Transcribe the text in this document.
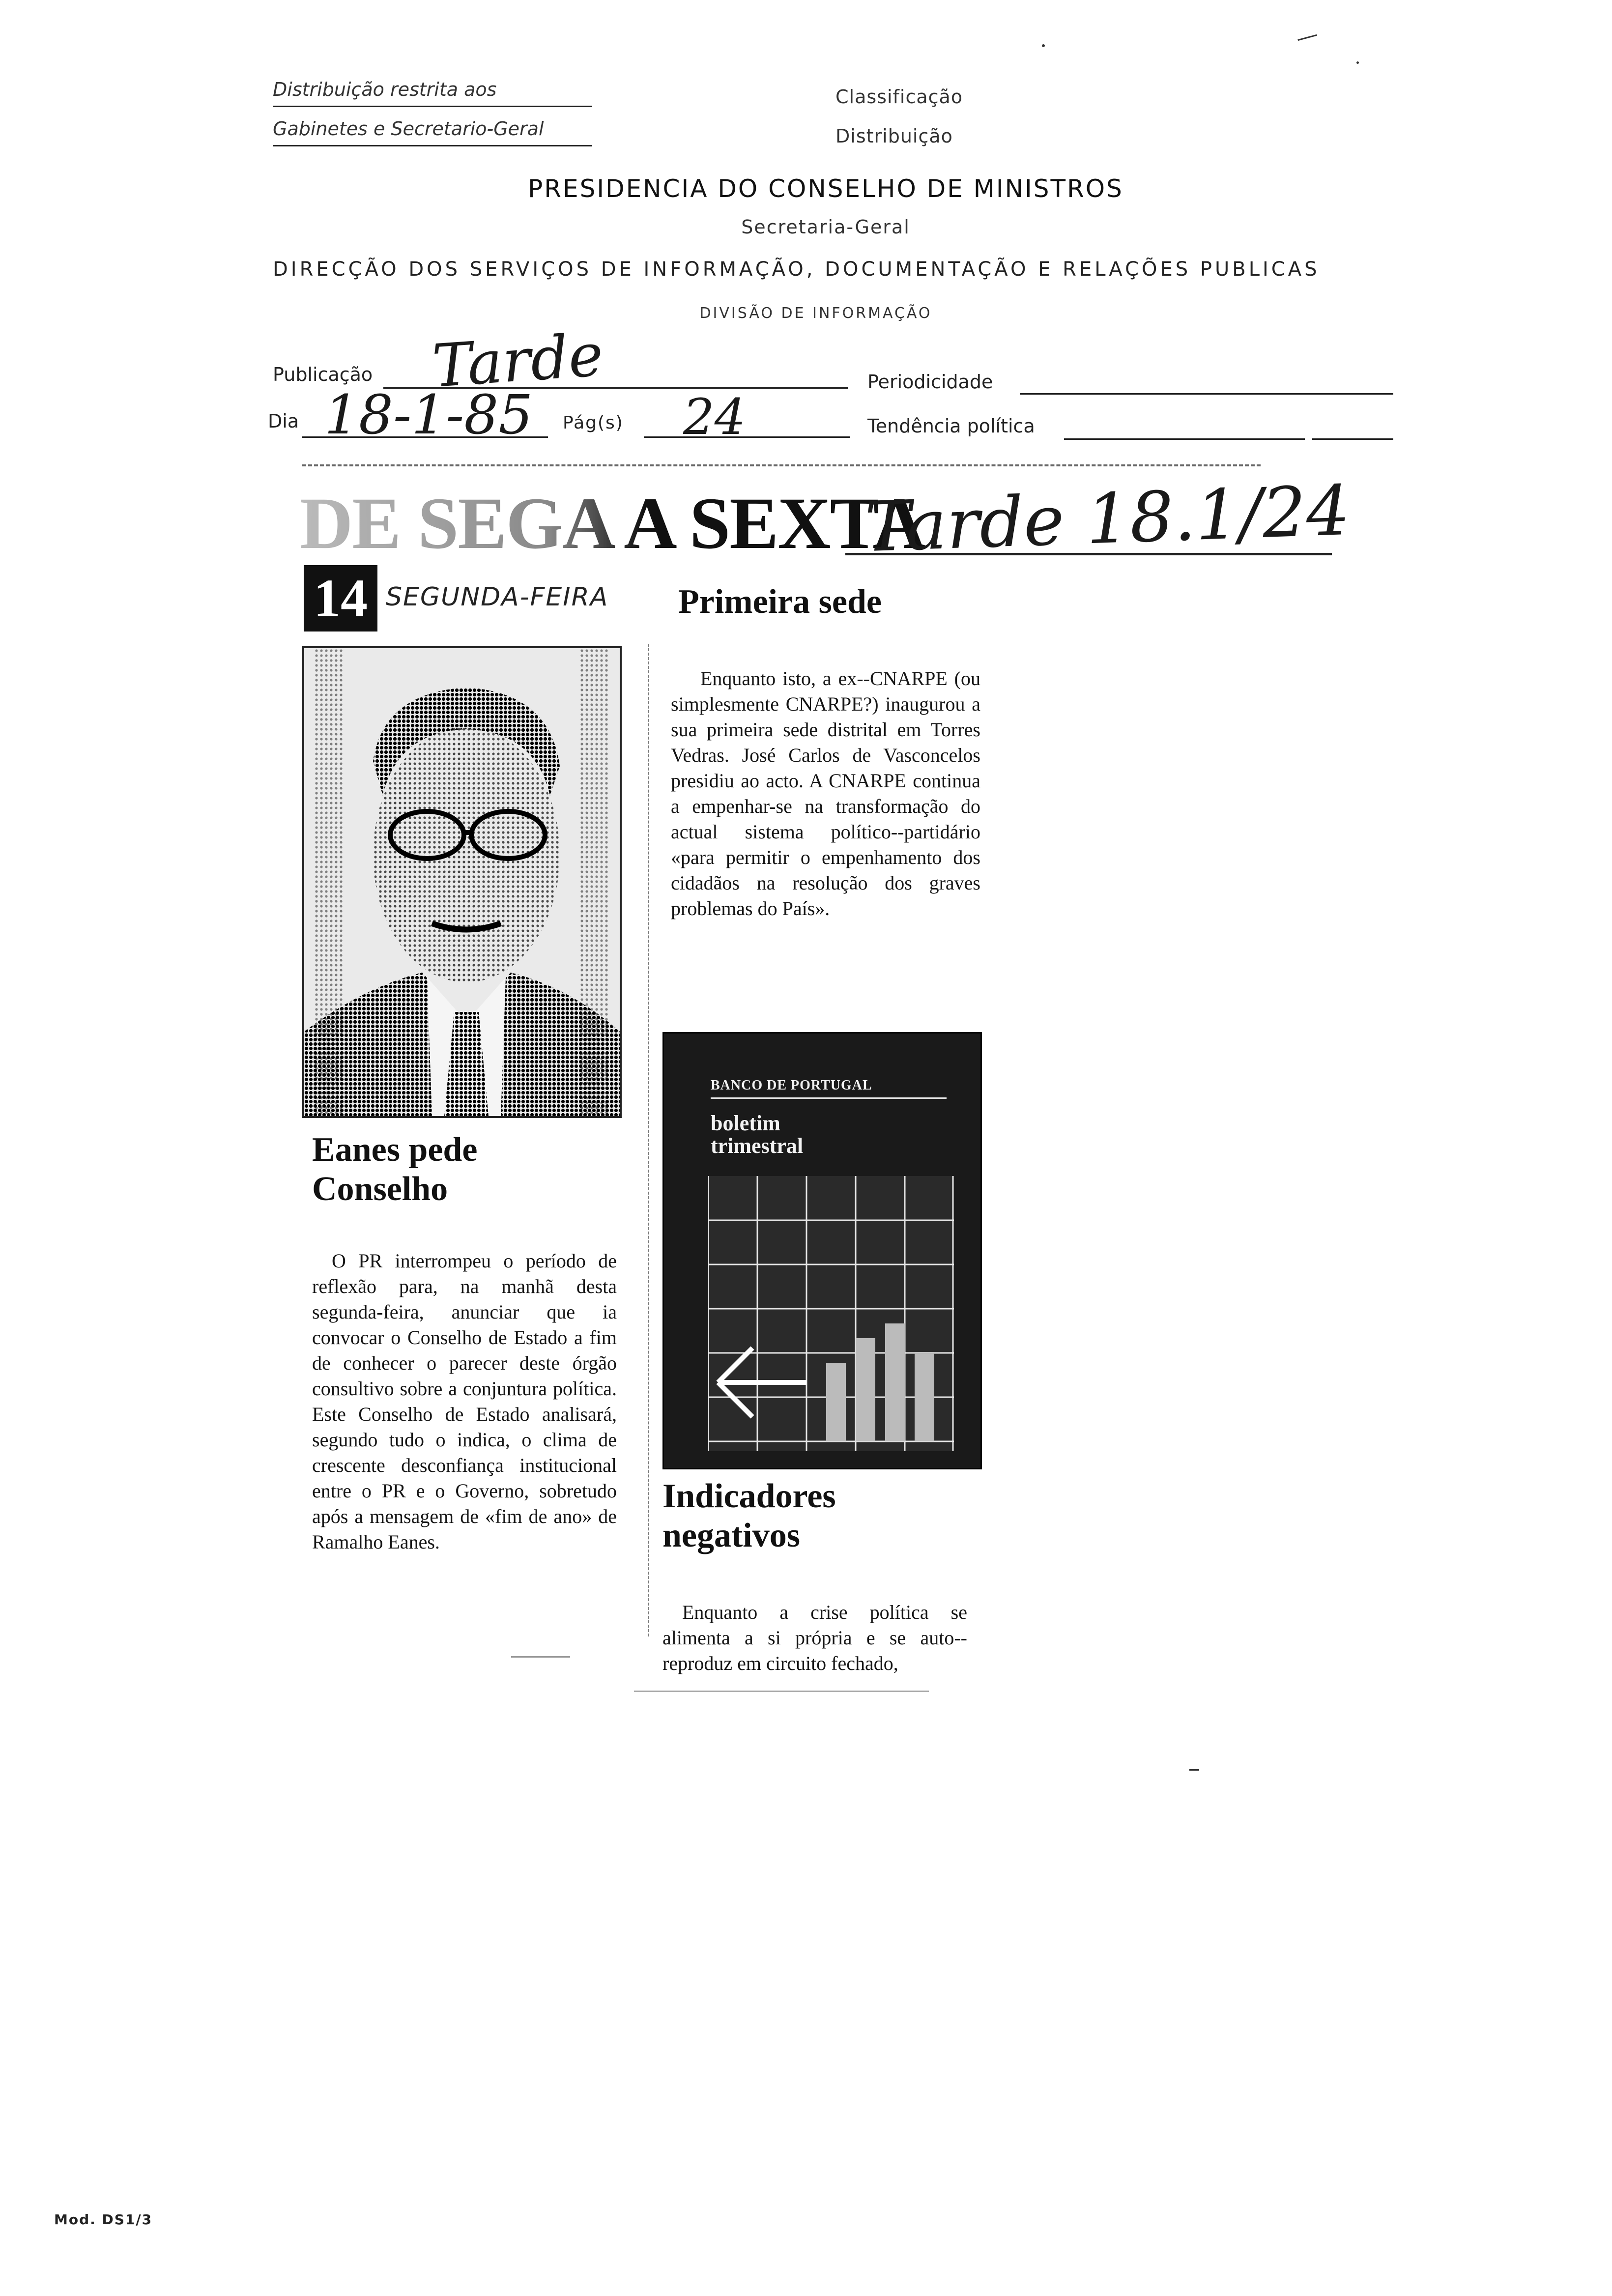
Distribuição restrita aos
Gabinetes e Secretario-Geral
Classificação
Distribuição
PRESIDENCIA DO CONSELHO DE MINISTROS
Secretaria-Geral
DIRECÇÃO DOS SERVIÇOS DE INFORMAÇÃO, DOCUMENTAÇÃO E RELAÇÕES PUBLICAS
DIVISÃO DE INFORMAÇÃO
Publicação Tarde	Periodicidade
Dia 18-1-85 Pág(s) 24	Tendência política
DE SEGA A SEXTA
Tarde 18.1/24
14 SEGUNDA-FEIRA
Eanes pede
Conselho
O PR interrompeu o período de reflexão para, na manhã desta segunda-feira, anunciar que ia convocar o Conselho de Estado a fim de conhecer o parecer deste órgão consultivo sobre a conjuntura política. Este Conselho de Estado analisará, segundo tudo o indica, o clima de crescente desconfiança institucional entre o PR e o Governo, sobretudo após a mensagem de «fim de ano» de Ramalho Eanes.
Primeira sede
Enquanto isto, a ex--CNARPE (ou simplesmente CNARPE?) inaugurou a sua primeira sede distrital em Torres Vedras. José Carlos de Vasconcelos presidiu ao acto. A CNARPE continua a empenhar-se na transformação do actual sistema político--partidário «para permitir o empenhamento dos cidadãos na resolução dos graves problemas do País».
BANCO DE PORTUGAL
boletim
trimestral
Indicadores
negativos
Enquanto a crise política se alimenta a si própria e se auto--reproduz em circuito fechado,
Mod. DS1/3
